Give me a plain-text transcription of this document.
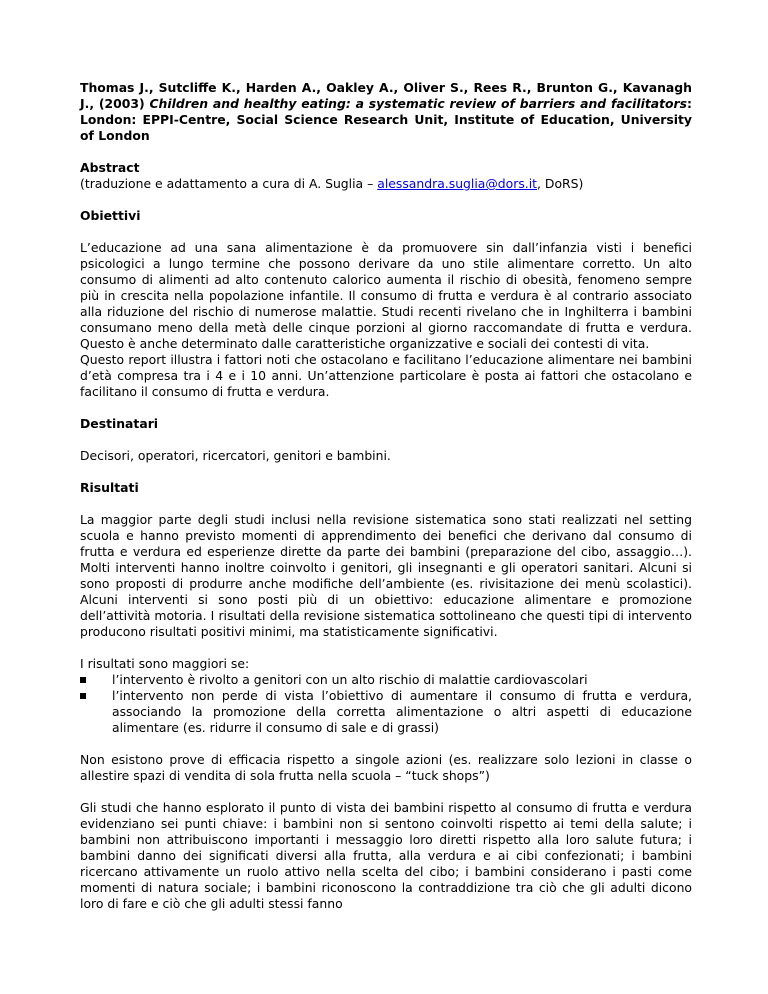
Thomas J., Sutcliffe K., Harden A., Oakley A., Oliver S., Rees R., Brunton G., Kavanagh J., (2003) Children and healthy eating: a systematic review of barriers and facilitators: London: EPPI-Centre, Social Science Research Unit, Institute of Education, University of London

Abstract

(traduzione e adattamento a cura di A. Suglia – alessandra.suglia@dors.it, DoRS)

Obiettivi

L’educazione ad una sana alimentazione è da promuovere sin dall’infanzia visti i benefici psicologici a lungo termine che possono derivare da uno stile alimentare corretto. Un alto consumo di alimenti ad alto contenuto calorico aumenta il rischio di obesità, fenomeno sempre più in crescita nella popolazione infantile. Il consumo di frutta e verdura è al contrario associato alla riduzione del rischio di numerose malattie. Studi recenti rivelano che in Inghilterra i bambini consumano meno della metà delle cinque porzioni al giorno raccomandate di frutta e verdura. Questo è anche determinato dalle caratteristiche organizzative e sociali dei contesti di vita.

Questo report illustra i fattori noti che ostacolano e facilitano l’educazione alimentare nei bambini d’età compresa tra i 4 e i 10 anni. Un’attenzione particolare è posta ai fattori che ostacolano e facilitano il consumo di frutta e verdura.

Destinatari

Decisori, operatori, ricercatori, genitori e bambini.

Risultati

La maggior parte degli studi inclusi nella revisione sistematica sono stati realizzati nel setting scuola e hanno previsto momenti di apprendimento dei benefici che derivano dal consumo di frutta e verdura ed esperienze dirette da parte dei bambini (preparazione del cibo, assaggio…). Molti interventi hanno inoltre coinvolto i genitori, gli insegnanti e gli operatori sanitari. Alcuni si sono proposti di produrre anche modifiche dell’ambiente (es. rivisitazione dei menù scolastici). Alcuni interventi si sono posti più di un obiettivo: educazione alimentare e promozione dell’attività motoria. I risultati della revisione sistematica sottolineano che questi tipi di intervento producono risultati positivi minimi, ma statisticamente significativi.

I risultati sono maggiori se:

l’intervento è rivolto a genitori con un alto rischio di malattie cardiovascolari
l’intervento non perde di vista l’obiettivo di aumentare il consumo di frutta e verdura, associando la promozione della corretta alimentazione o altri aspetti di educazione alimentare (es. ridurre il consumo di sale e di grassi)

Non esistono prove di efficacia rispetto a singole azioni (es. realizzare solo lezioni in classe o allestire spazi di vendita di sola frutta nella scuola – “tuck shops”)

Gli studi che hanno esplorato il punto di vista dei bambini rispetto al consumo di frutta e verdura evidenziano sei punti chiave: i bambini non si sentono coinvolti rispetto ai temi della salute; i bambini non attribuiscono importanti i messaggio loro diretti rispetto alla loro salute futura; i bambini danno dei significati diversi alla frutta, alla verdura e ai cibi confezionati; i bambini ricercano attivamente un ruolo attivo nella scelta del cibo; i bambini considerano i pasti come momenti di natura sociale; i bambini riconoscono la contraddizione tra ciò che gli adulti dicono loro di fare e ciò che gli adulti stessi fanno
